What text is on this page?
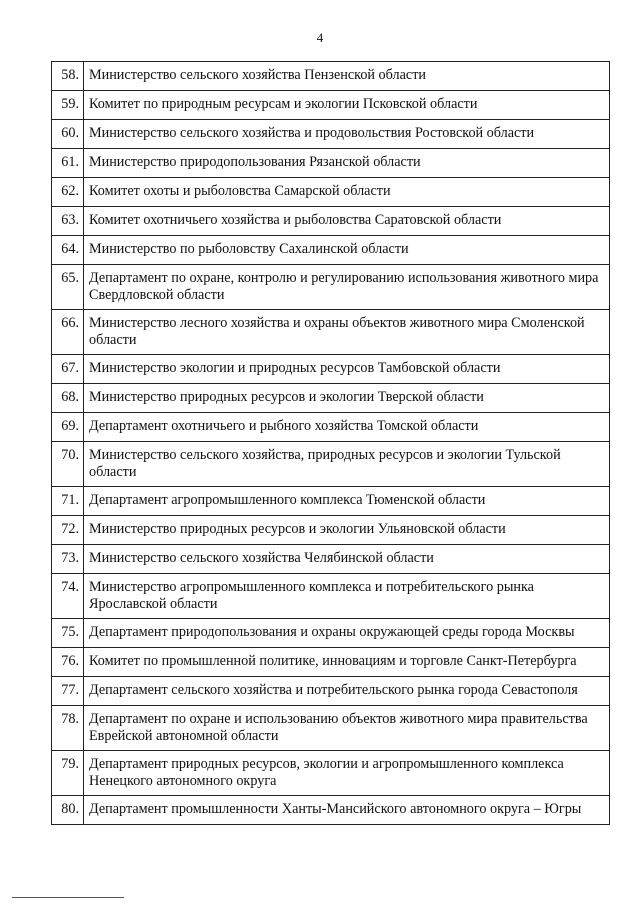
4
58.	Министерство сельского хозяйства Пензенской области
59.	Комитет по природным ресурсам и экологии Псковской области
60.	Министерство сельского хозяйства и продовольствия Ростовской области
61.	Министерство природопользования Рязанской области
62.	Комитет охоты и рыболовства Самарской области
63.	Комитет охотничьего хозяйства и рыболовства Саратовской области
64.	Министерство по рыболовству Сахалинской области
65.	Департамент по охране, контролю и регулированию использования животного мира Свердловской области
66.	Министерство лесного хозяйства и охраны объектов животного мира Смоленской области
67.	Министерство экологии и природных ресурсов Тамбовской области
68.	Министерство природных ресурсов и экологии Тверской области
69.	Департамент охотничьего и рыбного хозяйства Томской области
70.	Министерство сельского хозяйства, природных ресурсов и экологии Тульской области
71.	Департамент агропромышленного комплекса Тюменской области
72.	Министерство природных ресурсов и экологии Ульяновской области
73.	Министерство сельского хозяйства Челябинской области
74.	Министерство агропромышленного комплекса и потребительского рынка Ярославской области
75.	Департамент природопользования и охраны окружающей среды города Москвы
76.	Комитет по промышленной политике, инновациям и торговле Санкт-Петербурга
77.	Департамент сельского хозяйства и потребительского рынка города Севастополя
78.	Департамент по охране и использованию объектов животного мира правительства Еврейской автономной области
79.	Департамент природных ресурсов, экологии и агропромышленного комплекса Ненецкого автономного округа
80.	Департамент промышленности Ханты-Мансийского автономного округа – Югры
